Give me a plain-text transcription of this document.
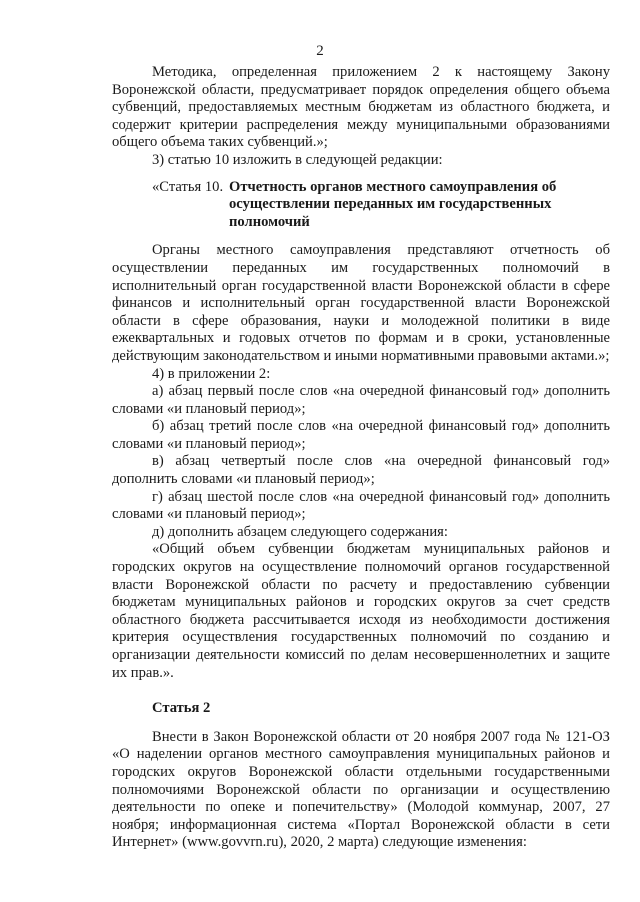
2

Методика, определенная приложением 2 к настоящему Закону Воронежской области, предусматривает порядок определения общего объема субвенций, предоставляемых местным бюджетам из областного бюджета, и содержит критерии распределения между муниципальными образованиями общего объема таких субвенций.»;

3) статью 10 изложить в следующей редакции:

«Статья 10. Отчетность органов местного самоуправления об осуществлении переданных им государственных полномочий

Органы местного самоуправления представляют отчетность об осуществлении переданных им государственных полномочий в исполнительный орган государственной власти Воронежской области в сфере финансов и исполнительный орган государственной власти Воронежской области в сфере образования, науки и молодежной политики в виде ежеквартальных и годовых отчетов по формам и в сроки, установленные действующим законодательством и иными нормативными правовыми актами.»;

4) в приложении 2:

а) абзац первый после слов «на очередной финансовый год» дополнить словами «и плановый период»;

б) абзац третий после слов «на очередной финансовый год» дополнить словами «и плановый период»;

в) абзац четвертый после слов «на очередной финансовый год» дополнить словами «и плановый период»;

г) абзац шестой после слов «на очередной финансовый год» дополнить словами «и плановый период»;

д) дополнить абзацем следующего содержания:

«Общий объем субвенции бюджетам муниципальных районов и городских округов на осуществление полномочий органов государственной власти Воронежской области по расчету и предоставлению субвенции бюджетам муниципальных районов и городских округов за счет средств областного бюджета рассчитывается исходя из необходимости достижения критерия осуществления государственных полномочий по созданию и организации деятельности комиссий по делам несовершеннолетних и защите их прав.».

Статья 2

Внести в Закон Воронежской области от 20 ноября 2007 года № 121-ОЗ «О наделении органов местного самоуправления муниципальных районов и городских округов Воронежской области отдельными государственными полномочиями Воронежской области по организации и осуществлению деятельности по опеке и попечительству» (Молодой коммунар, 2007, 27 ноября; информационная система «Портал Воронежской области в сети Интернет» (www.govvrn.ru), 2020, 2 марта) следующие изменения:
